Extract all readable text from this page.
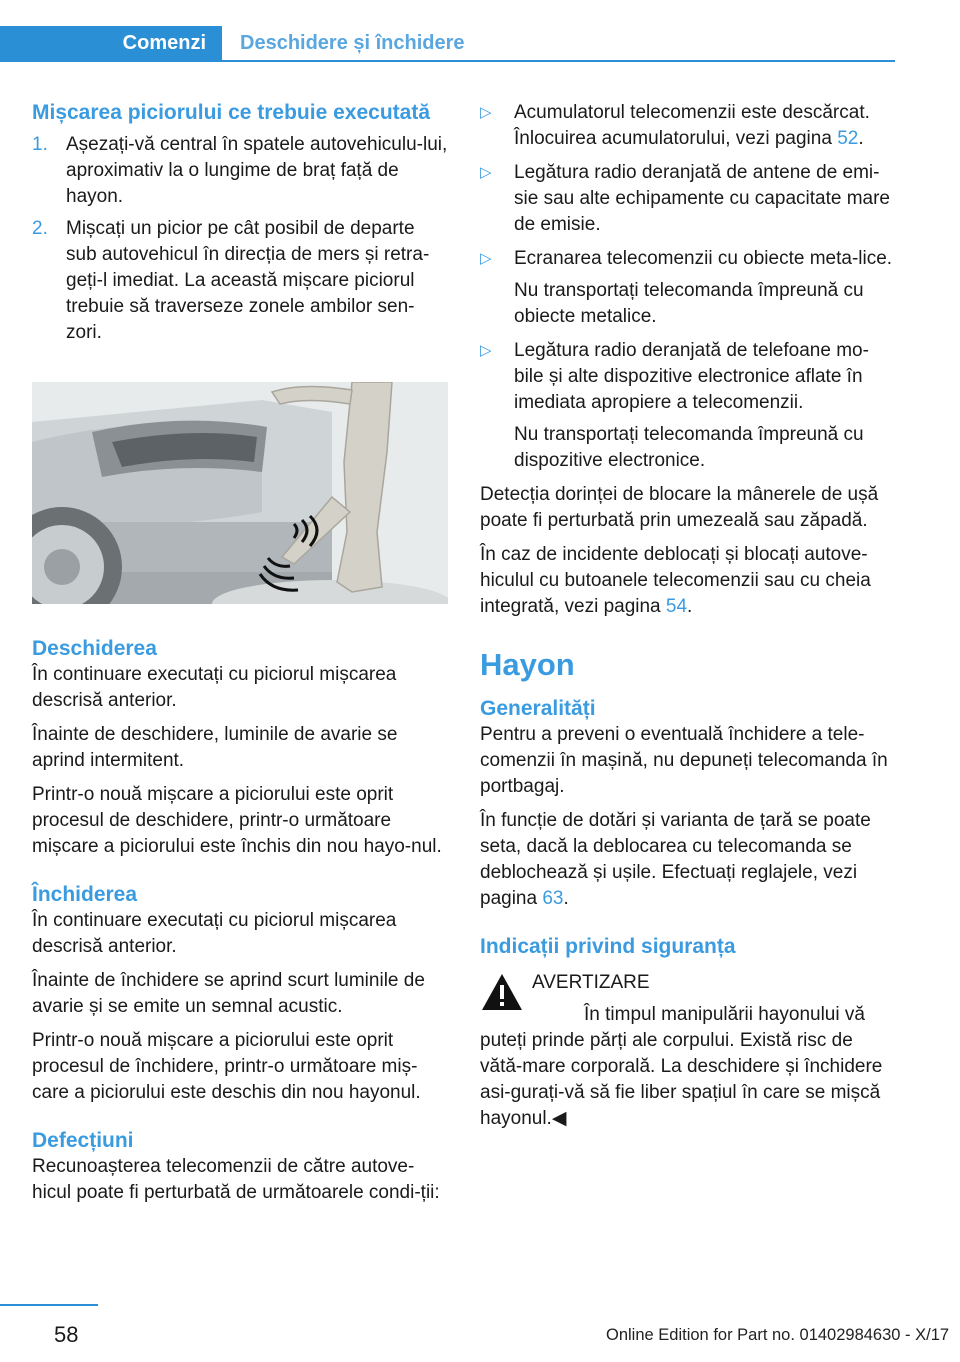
Comenzi	Deschidere și închidere
Mișcarea piciorului ce trebuie executată
1. Așezați-vă central în spatele autovehiculu-lui, aproximativ la o lungime de braț față de hayon.
2. Mișcați un picior pe cât posibil de departe sub autovehicul în direcția de mers și retra-geți-l imediat. La această mișcare piciorul trebuie să traverseze zonele ambilor sen-zori.
Deschiderea

În continuare executați cu piciorul mișcarea descrisă anterior.

Înainte de deschidere, luminile de avarie se aprind intermitent.

Printr-o nouă mișcare a piciorului este oprit procesul de deschidere, printr-o următoare mișcare a piciorului este închis din nou hayo-nul.

Închiderea

În continuare executați cu piciorul mișcarea descrisă anterior.

Înainte de închidere se aprind scurt luminile de avarie și se emite un semnal acustic.

Printr-o nouă mișcare a piciorului este oprit procesul de închidere, printr-o următoare miș-care a piciorului este deschis din nou hayonul.

Defecțiuni

Recunoașterea telecomenzii de către autove-hicul poate fi perturbată de următoarele condi-ții:

▷	Acumulatorul telecomenzii este descărcat. Înlocuirea acumulatorului, vezi pagina 52.
▷	Legătura radio deranjată de antene de emi-sie sau alte echipamente cu capacitate mare de emisie.
▷	Ecranarea telecomenzii cu obiecte meta-lice.
Nu transportați telecomanda împreună cu obiecte metalice.
▷	Legătura radio deranjată de telefoane mo-bile și alte dispozitive electronice aflate în imediata apropiere a telecomenzii.
Nu transportați telecomanda împreună cu dispozitive electronice.

Detecția dorinței de blocare la mânerele de ușă poate fi perturbată prin umezeală sau zăpadă.

În caz de incidente deblocați și blocați autove-hiculul cu butoanele telecomenzii sau cu cheia integrată, vezi pagina 54.

Hayon
Generalități

Pentru a preveni o eventuală închidere a tele-comenzii în mașină, nu depuneți telecomanda în portbagaj.

În funcție de dotări și varianta de țară se poate seta, dacă la deblocarea cu telecomanda se deblochează și ușile. Efectuați reglajele, vezi pagina 63.

Indicații privind siguranța
AVERTIZARE
În timpul manipulării hayonului vă puteți prinde părți ale corpului. Există risc de vătă-mare corporală. La deschidere și închidere asi-gurați-vă să fie liber spațiul în care se mișcă hayonul.◀
58	Online Edition for Part no. 01402984630 - X/17
